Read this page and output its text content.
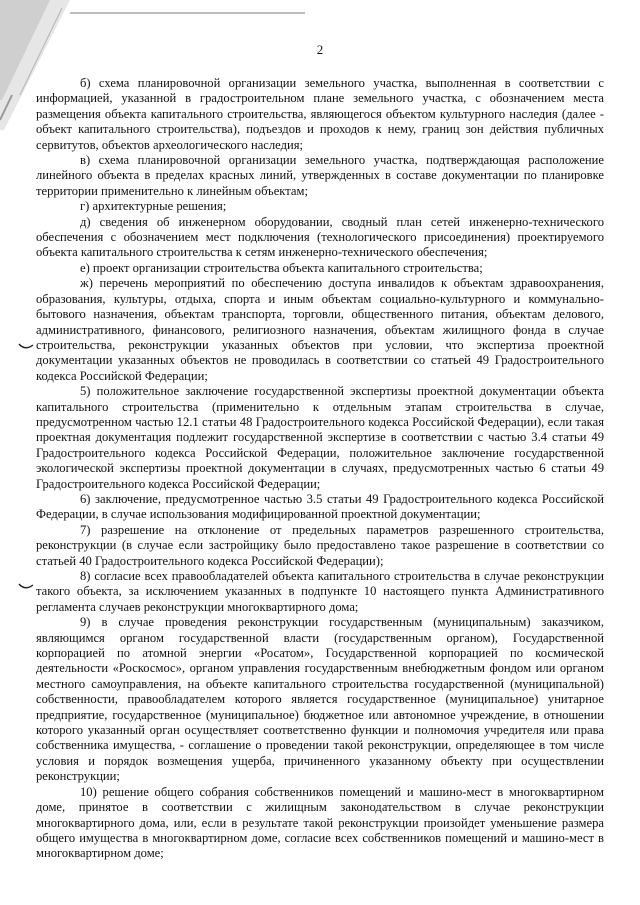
2

б) схема планировочной организации земельного участка, выполненная в соответствии с информацией, указанной в градостроительном плане земельного участка, с обозначением места размещения объекта капитального строительства, являющегося объектом культурного наследия (далее - объект капитального строительства), подъездов и проходов к нему, границ зон действия публичных сервитутов, объектов археологического наследия;

в) схема планировочной организации земельного участка, подтверждающая расположение линейного объекта в пределах красных линий, утвержденных в составе документации по планировке территории применительно к линейным объектам;

г) архитектурные решения;

д) сведения об инженерном оборудовании, сводный план сетей инженерно-технического обеспечения с обозначением мест подключения (технологического присоединения) проектируемого объекта капитального строительства к сетям инженерно-технического обеспечения;

е) проект организации строительства объекта капитального строительства;

ж) перечень мероприятий по обеспечению доступа инвалидов к объектам здравоохранения, образования, культуры, отдыха, спорта и иным объектам социально-культурного и коммунально-бытового назначения, объектам транспорта, торговли, общественного питания, объектам делового, административного, финансового, религиозного назначения, объектам жилищного фонда в случае строительства, реконструкции указанных объектов при условии, что экспертиза проектной документации указанных объектов не проводилась в соответствии со статьей 49 Градостроительного кодекса Российской Федерации;

5) положительное заключение государственной экспертизы проектной документации объекта капитального строительства (применительно к отдельным этапам строительства в случае, предусмотренном частью 12.1 статьи 48 Градостроительного кодекса Российской Федерации), если такая проектная документация подлежит государственной экспертизе в соответствии с частью 3.4 статьи 49 Градостроительного кодекса Российской Федерации, положительное заключение государственной экологической экспертизы проектной документации в случаях, предусмотренных частью 6 статьи 49 Градостроительного кодекса Российской Федерации;

6) заключение, предусмотренное частью 3.5 статьи 49 Градостроительного кодекса Российской Федерации, в случае использования модифицированной проектной документации;

7) разрешение на отклонение от предельных параметров разрешенного строительства, реконструкции (в случае если застройщику было предоставлено такое разрешение в соответствии со статьей 40 Градостроительного кодекса Российской Федерации);

8) согласие всех правообладателей объекта капитального строительства в случае реконструкции такого объекта, за исключением указанных в подпункте 10 настоящего пункта Административного регламента случаев реконструкции многоквартирного дома;

9) в случае проведения реконструкции государственным (муниципальным) заказчиком, являющимся органом государственной власти (государственным органом), Государственной корпорацией по атомной энергии «Росатом», Государственной корпорацией по космической деятельности «Роскосмос», органом управления государственным внебюджетным фондом или органом местного самоуправления, на объекте капитального строительства государственной (муниципальной) собственности, правообладателем которого является государственное (муниципальное) унитарное предприятие, государственное (муниципальное) бюджетное или автономное учреждение, в отношении которого указанный орган осуществляет соответственно функции и полномочия учредителя или права собственника имущества, - соглашение о проведении такой реконструкции, определяющее в том числе условия и порядок возмещения ущерба, причиненного указанному объекту при осуществлении реконструкции;

10) решение общего собрания собственников помещений и машино-мест в многоквартирном доме, принятое в соответствии с жилищным законодательством в случае реконструкции многоквартирного дома, или, если в результате такой реконструкции произойдет уменьшение размера общего имущества в многоквартирном доме, согласие всех собственников помещений и машино-мест в многоквартирном доме;
